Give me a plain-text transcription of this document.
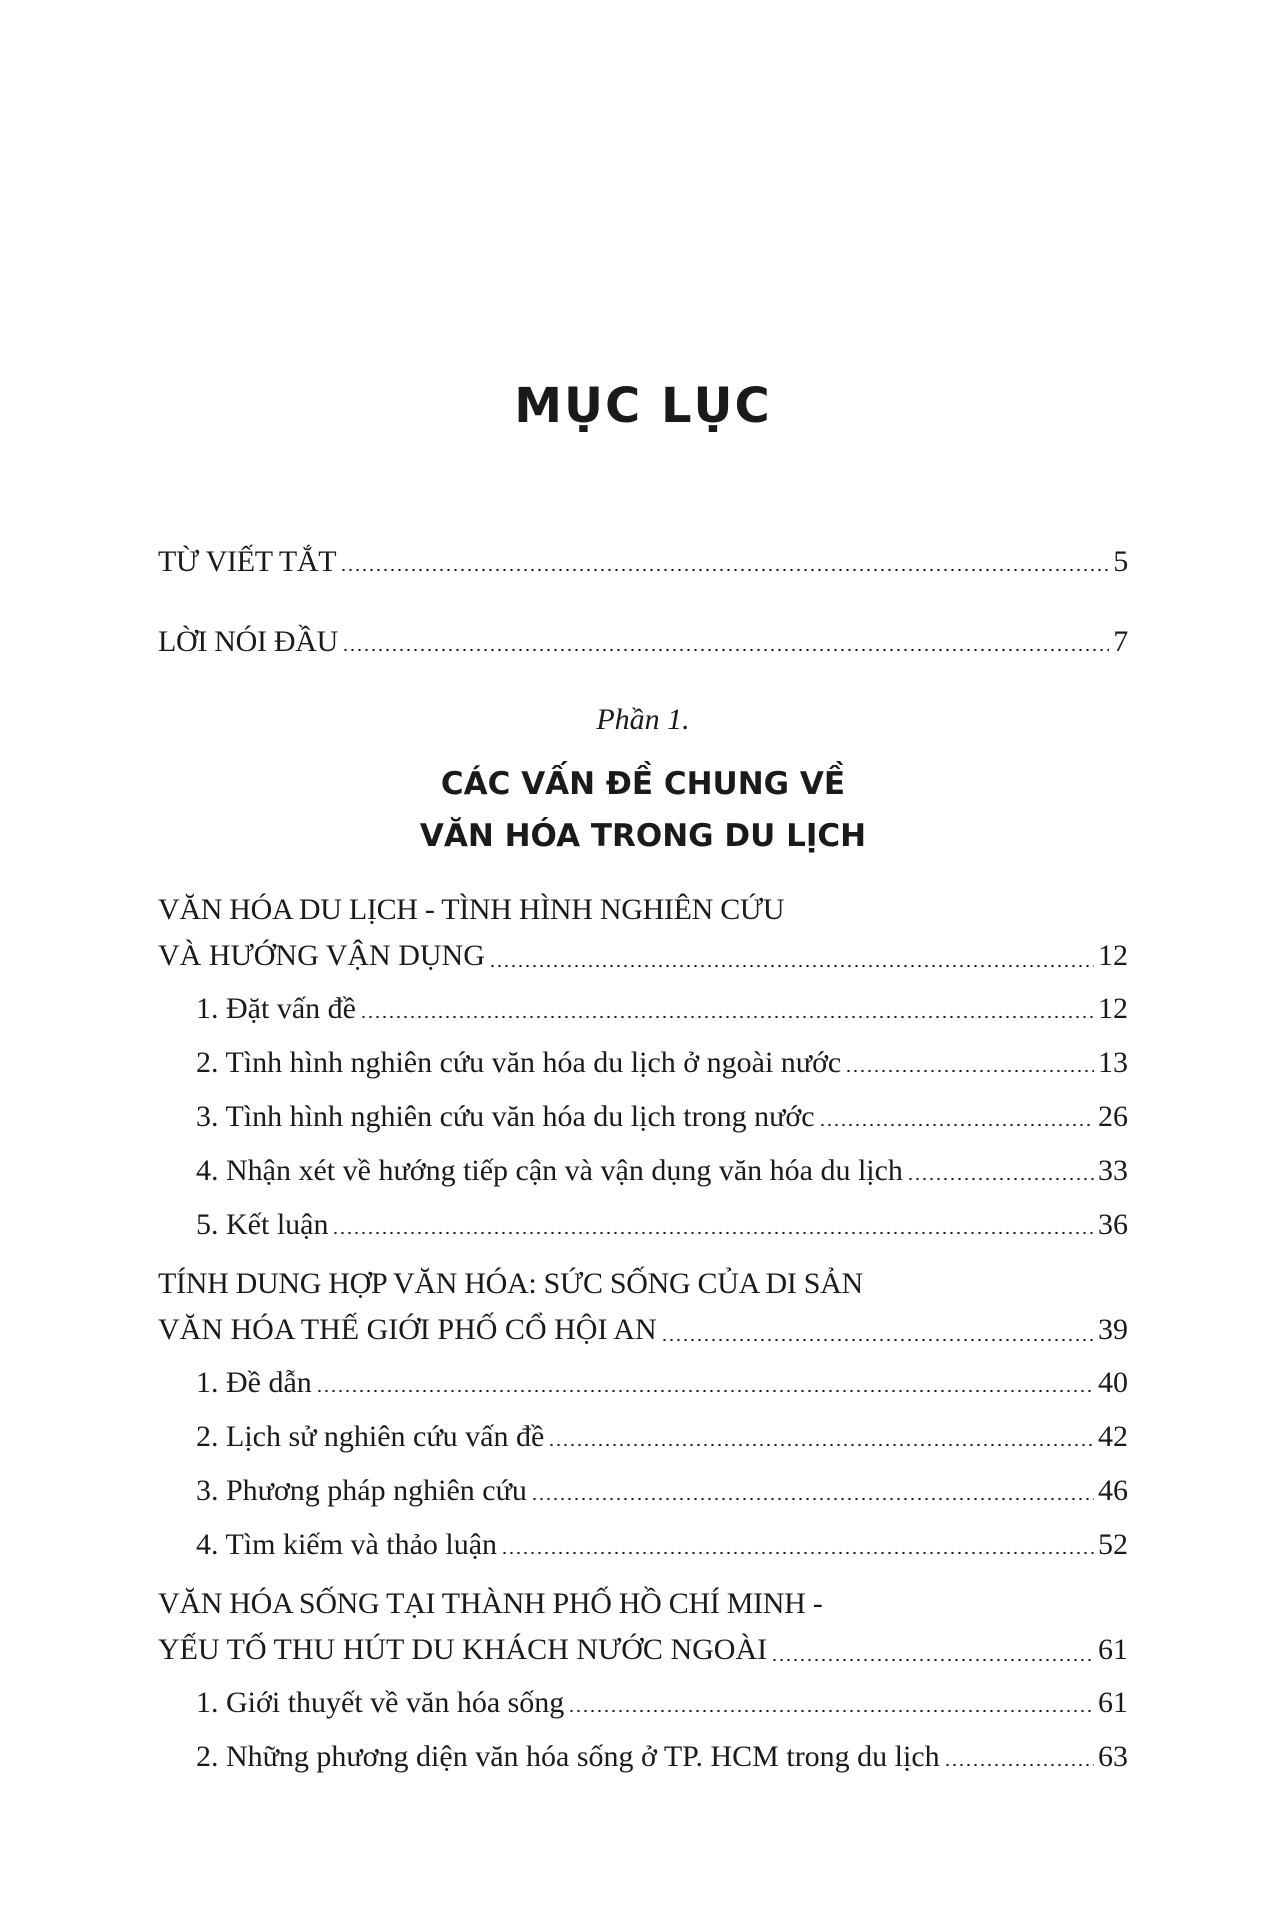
MỤC LỤC
TỪ VIẾT TẮT	5
LỜI NÓI ĐẦU	7
Phần 1.
CÁC VẤN ĐỀ CHUNG VỀ
VĂN HÓA TRONG DU LỊCH
VĂN HÓA DU LỊCH - TÌNH HÌNH NGHIÊN CỨU
VÀ HƯỚNG VẬN DỤNG	12
1. Đặt vấn đề	12
2. Tình hình nghiên cứu văn hóa du lịch ở ngoài nước	13
3. Tình hình nghiên cứu văn hóa du lịch trong nước	26
4. Nhận xét về hướng tiếp cận và vận dụng văn hóa du lịch	33
5. Kết luận	36
TÍNH DUNG HỢP VĂN HÓA: SỨC SỐNG CỦA DI SẢN
VĂN HÓA THẾ GIỚI PHỐ CỔ HỘI AN	39
1. Đề dẫn	40
2. Lịch sử nghiên cứu vấn đề	42
3. Phương pháp nghiên cứu	46
4. Tìm kiếm và thảo luận	52
VĂN HÓA SỐNG TẠI THÀNH PHỐ HỒ CHÍ MINH -
YẾU TỐ THU HÚT DU KHÁCH NƯỚC NGOÀI	61
1. Giới thuyết về văn hóa sống	61
2. Những phương diện văn hóa sống ở TP. HCM trong du lịch	63
